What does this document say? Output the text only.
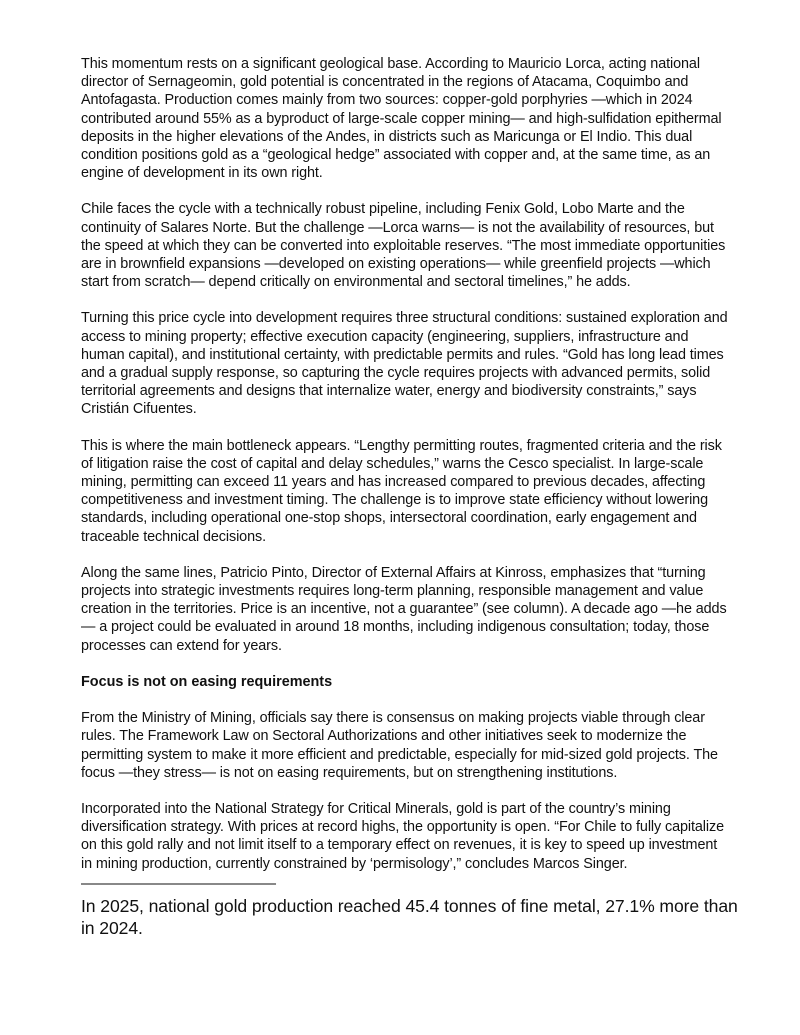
This momentum rests on a significant geological base. According to Mauricio Lorca, acting national director of Sernageomin, gold potential is concentrated in the regions of Atacama, Coquimbo and Antofagasta. Production comes mainly from two sources: copper-gold porphyries —which in 2024 contributed around 55% as a byproduct of large-scale copper mining— and high-sulfidation epithermal deposits in the higher elevations of the Andes, in districts such as Maricunga or El Indio. This dual condition positions gold as a “geological hedge” associated with copper and, at the same time, as an engine of development in its own right.

Chile faces the cycle with a technically robust pipeline, including Fenix Gold, Lobo Marte and the continuity of Salares Norte. But the challenge —Lorca warns— is not the availability of resources, but the speed at which they can be converted into exploitable reserves. “The most immediate opportunities are in brownfield expansions —developed on existing operations— while greenfield projects —which start from scratch— depend critically on environmental and sectoral timelines,” he adds.

Turning this price cycle into development requires three structural conditions: sustained exploration and access to mining property; effective execution capacity (engineering, suppliers, infrastructure and human capital), and institutional certainty, with predictable permits and rules. “Gold has long lead times and a gradual supply response, so capturing the cycle requires projects with advanced permits, solid territorial agreements and designs that internalize water, energy and biodiversity constraints,” says Cristián Cifuentes.

This is where the main bottleneck appears. “Lengthy permitting routes, fragmented criteria and the risk of litigation raise the cost of capital and delay schedules,” warns the Cesco specialist. In large-scale mining, permitting can exceed 11 years and has increased compared to previous decades, affecting competitiveness and investment timing. The challenge is to improve state efficiency without lowering standards, including operational one-stop shops, intersectoral coordination, early engagement and traceable technical decisions.

Along the same lines, Patricio Pinto, Director of External Affairs at Kinross, emphasizes that “turning projects into strategic investments requires long-term planning, responsible management and value creation in the territories. Price is an incentive, not a guarantee” (see column). A decade ago —he adds— a project could be evaluated in around 18 months, including indigenous consultation; today, those processes can extend for years.

Focus is not on easing requirements

From the Ministry of Mining, officials say there is consensus on making projects viable through clear rules. The Framework Law on Sectoral Authorizations and other initiatives seek to modernize the permitting system to make it more efficient and predictable, especially for mid-sized gold projects. The focus —they stress— is not on easing requirements, but on strengthening institutions.

Incorporated into the National Strategy for Critical Minerals, gold is part of the country’s mining diversification strategy. With prices at record highs, the opportunity is open. “For Chile to fully capitalize on this gold rally and not limit itself to a temporary effect on revenues, it is key to speed up investment in mining production, currently constrained by ‘permisology’,” concludes Marcos Singer.

——————————————

In 2025, national gold production reached 45.4 tonnes of fine metal, 27.1% more than in 2024.
